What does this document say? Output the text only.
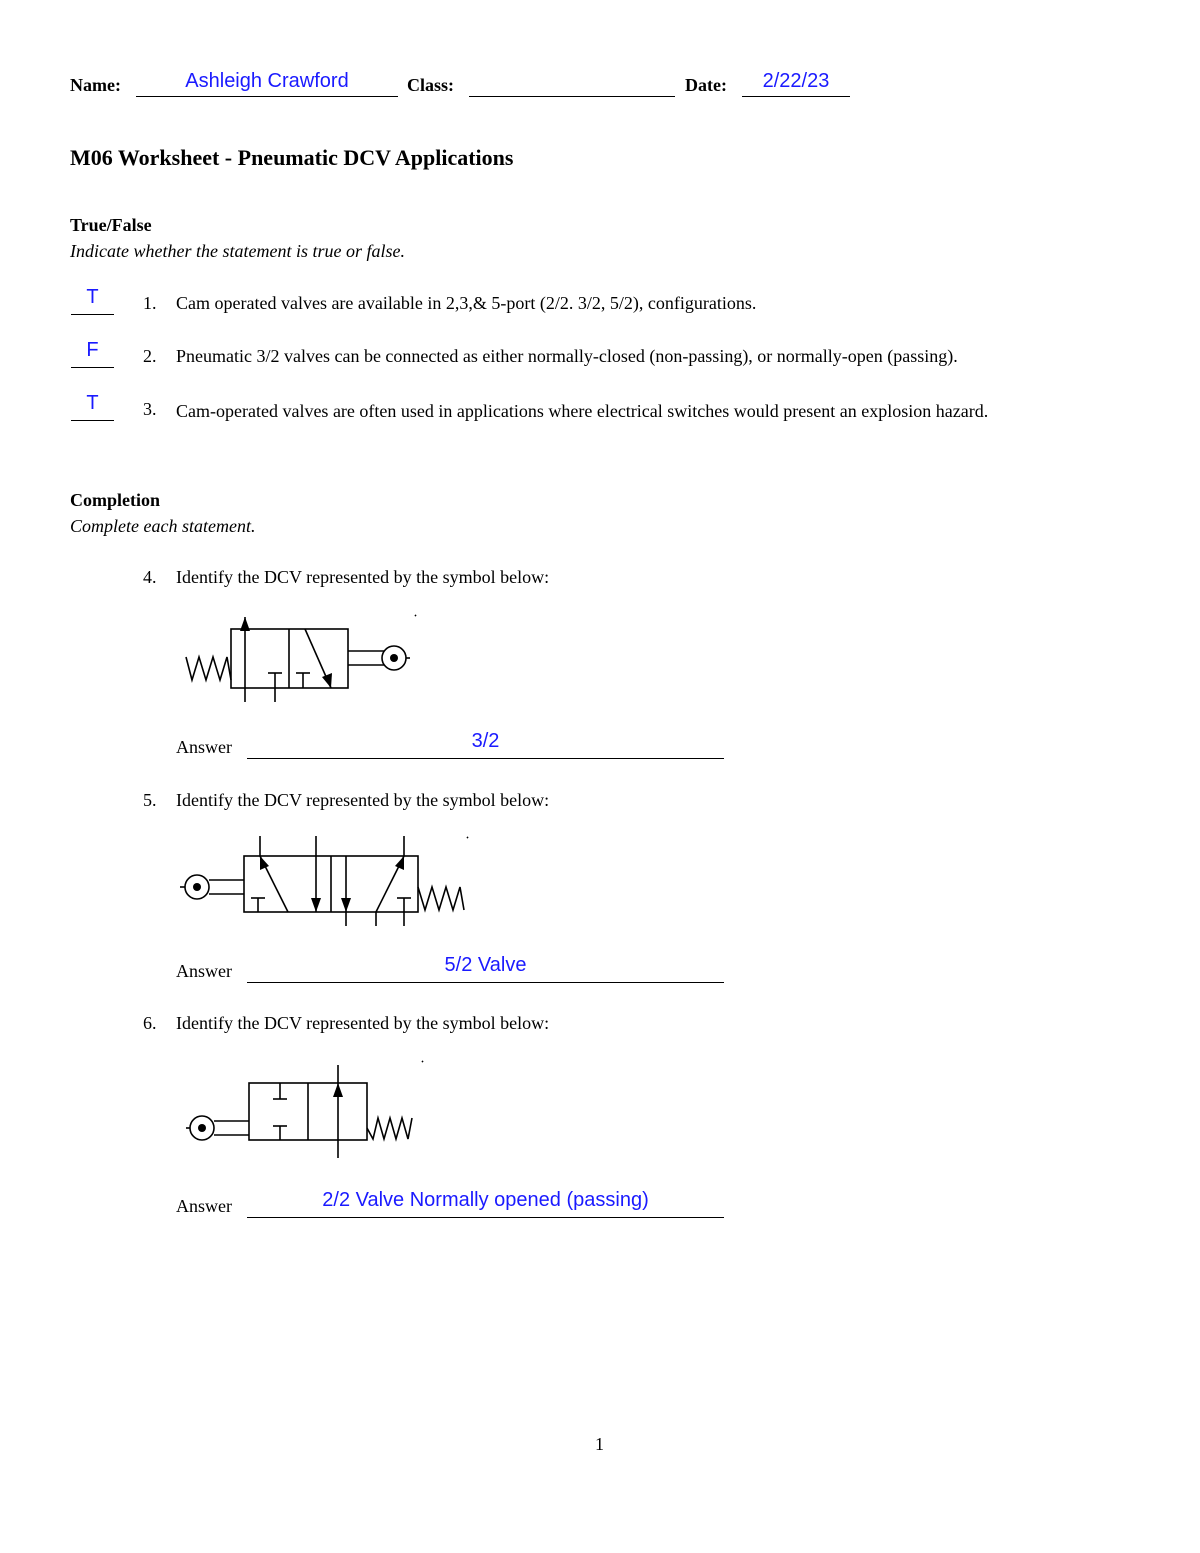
Name:	Ashleigh Crawford	Class:	Date:	2/22/23
M06 Worksheet - Pneumatic DCV Applications
True/False
Indicate whether the statement is true or false.
T	1. Cam operated valves are available in 2,3,& 5-port (2/2. 3/2, 5/2), configurations.
F	2. Pneumatic 3/2 valves can be connected as either normally-closed (non-passing), or normally-open (passing).
T	3. Cam-operated valves are often used in applications where electrical switches would present an explosion hazard.
Completion
Complete each statement.
4. Identify the DCV represented by the symbol below:
Answer	3/2
5. Identify the DCV represented by the symbol below:
Answer	5/2 Valve
6. Identify the DCV represented by the symbol below:
Answer	2/2 Valve Normally opened (passing)
1
